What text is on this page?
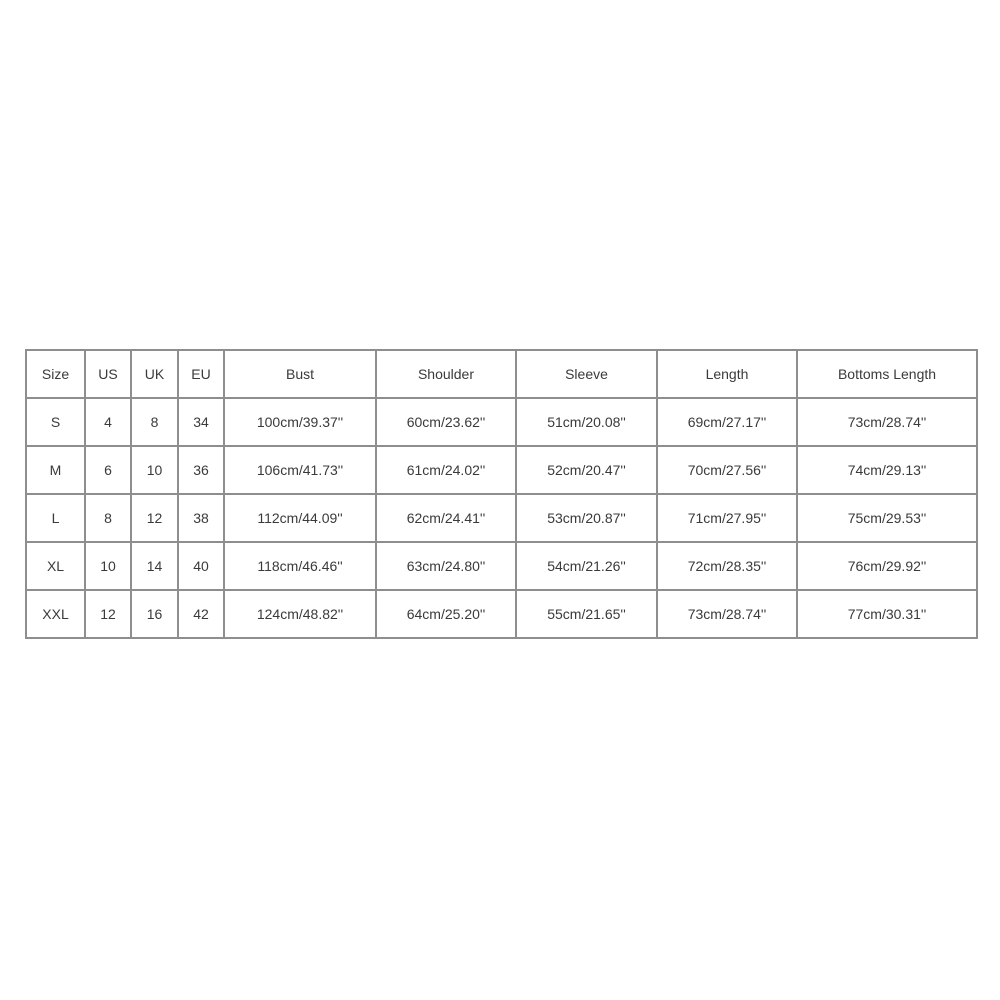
Size	US	UK	EU	Bust	Shoulder	Sleeve	Length	Bottoms Length
S	4	8	34	100cm/39.37''	60cm/23.62''	51cm/20.08''	69cm/27.17''	73cm/28.74''
M	6	10	36	106cm/41.73''	61cm/24.02''	52cm/20.47''	70cm/27.56''	74cm/29.13''
L	8	12	38	112cm/44.09''	62cm/24.41''	53cm/20.87''	71cm/27.95''	75cm/29.53''
XL	10	14	40	118cm/46.46''	63cm/24.80''	54cm/21.26''	72cm/28.35''	76cm/29.92''
XXL	12	16	42	124cm/48.82''	64cm/25.20''	55cm/21.65''	73cm/28.74''	77cm/30.31''
